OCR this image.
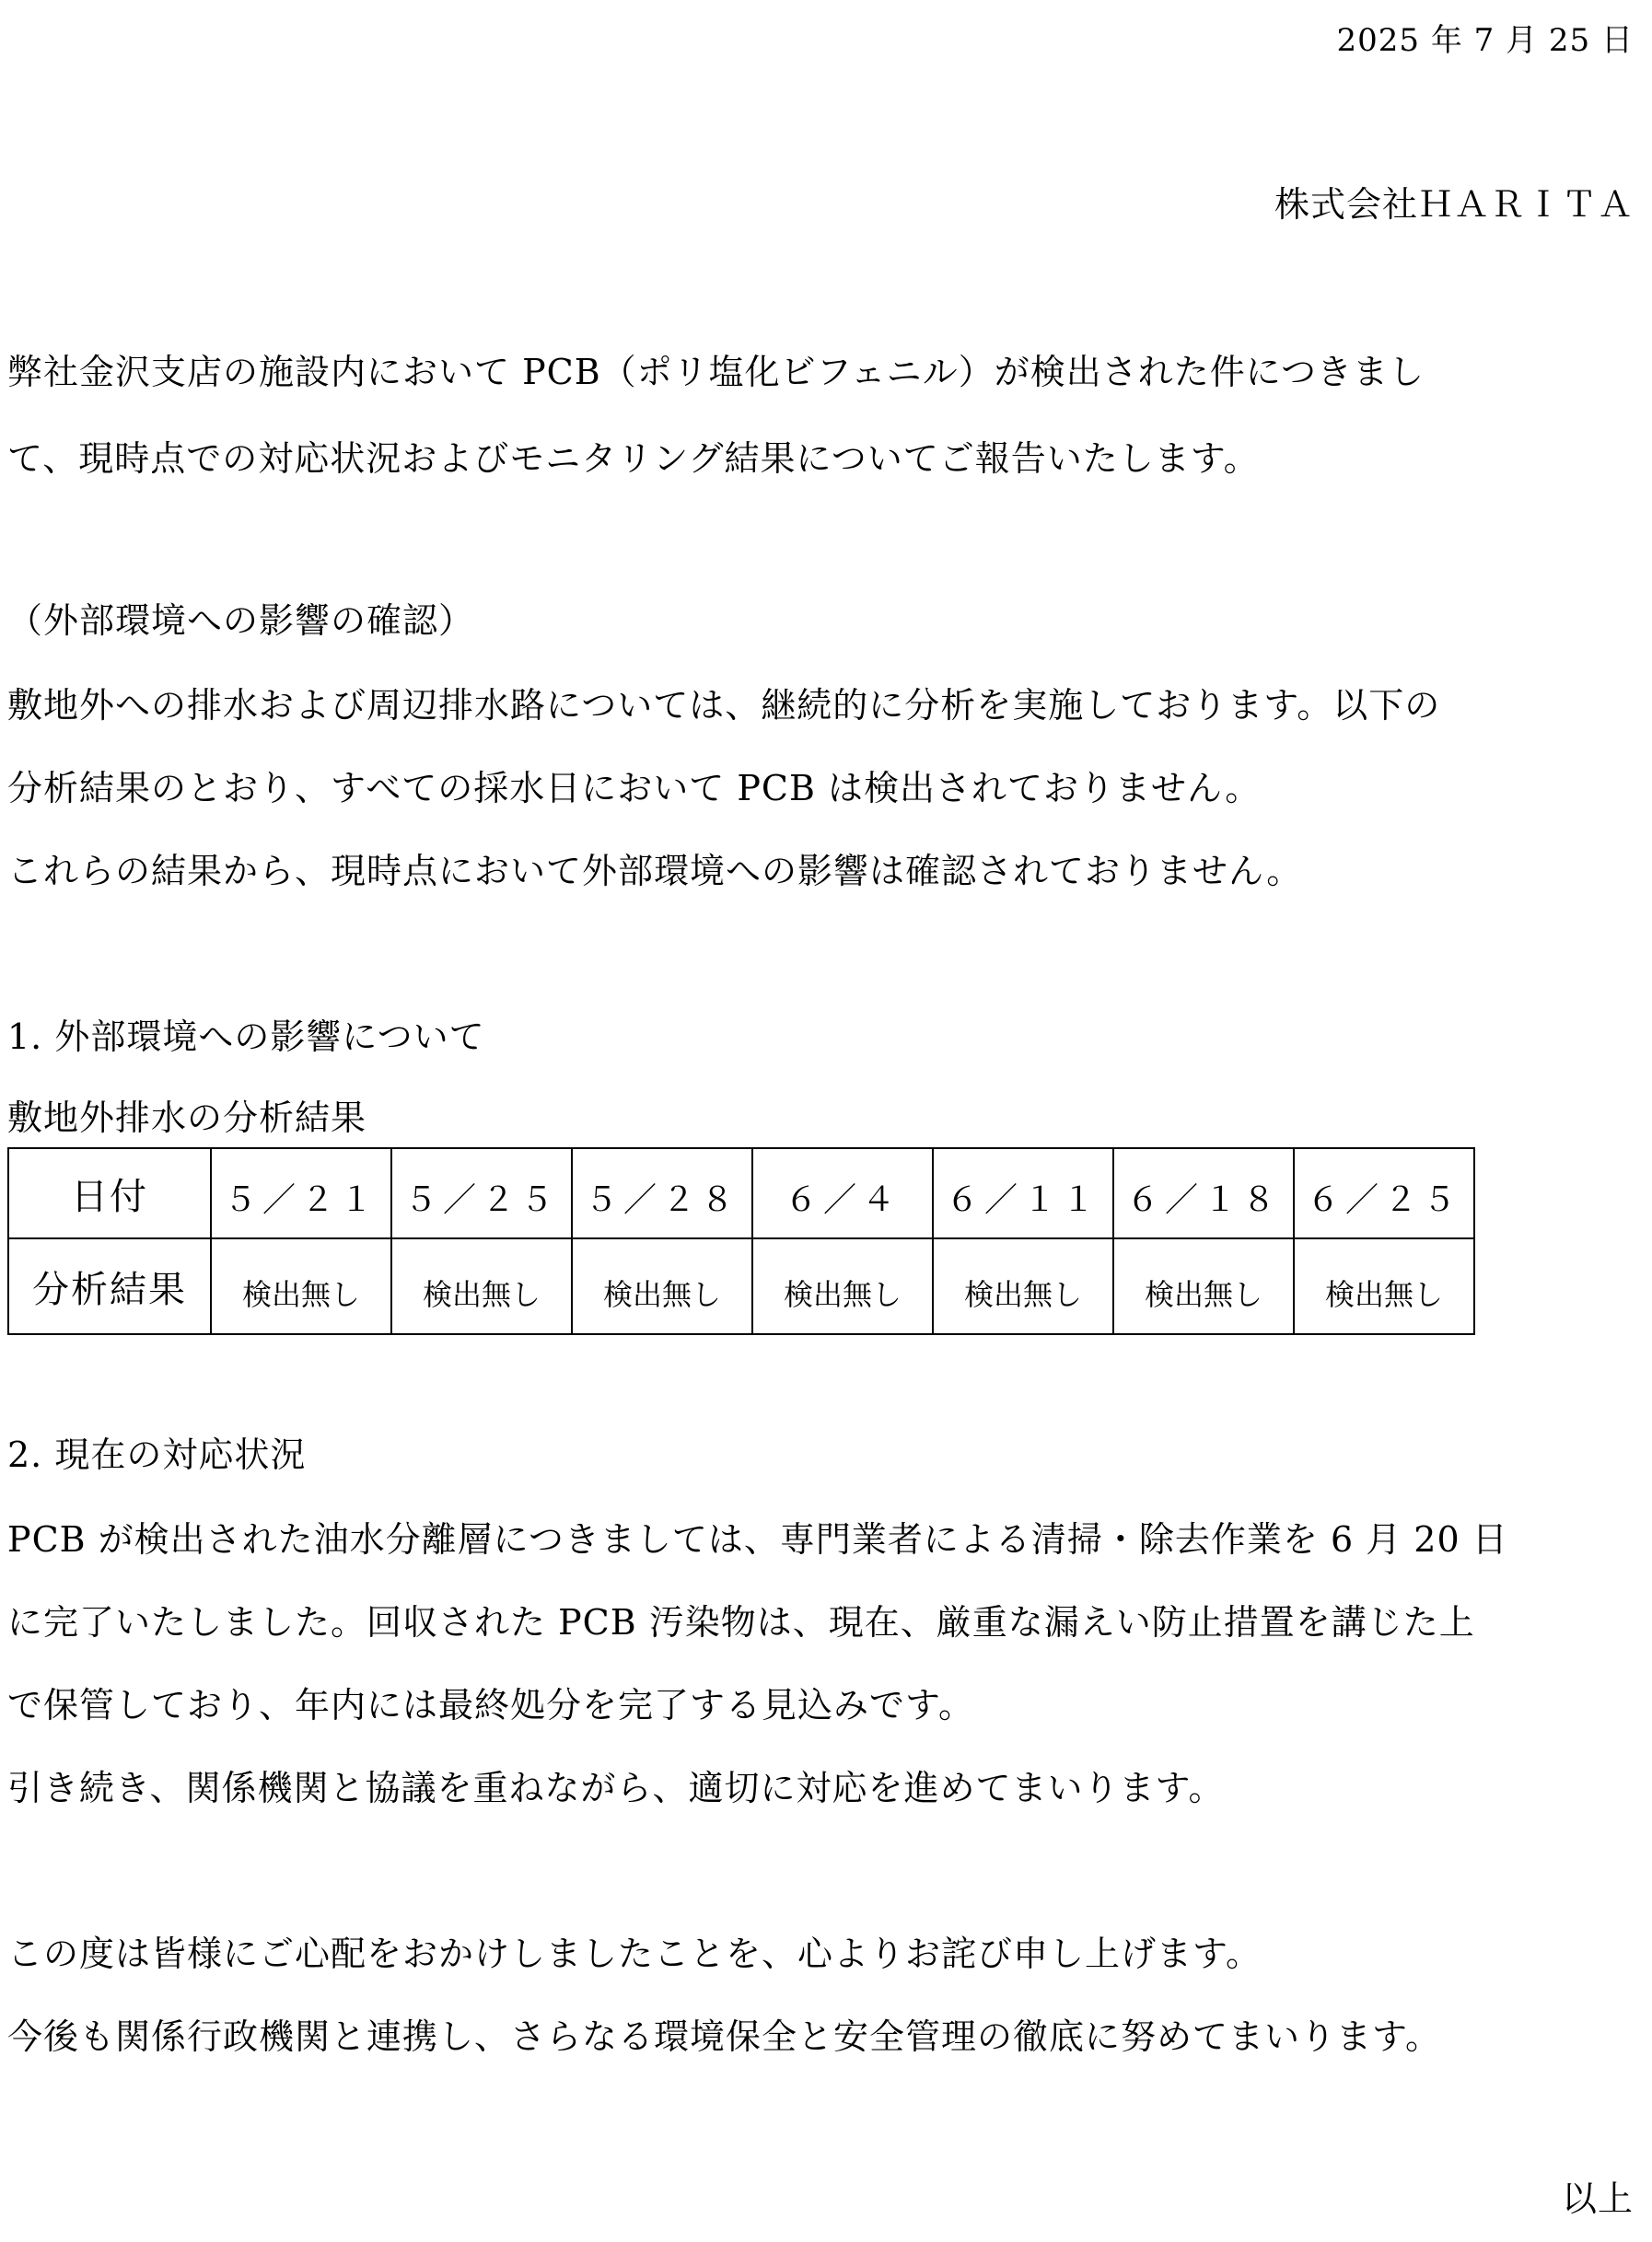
2025 年 7 月 25 日
株式会社ＨＡＲＩＴＡ
弊社金沢支店の施設内において PCB（ポリ塩化ビフェニル）が検出された件につきまし
て、現時点での対応状況およびモニタリング結果についてご報告いたします。
（外部環境への影響の確認）
敷地外への排水および周辺排水路については、継続的に分析を実施しております。以下の
分析結果のとおり、すべての採水日において PCB は検出されておりません。
これらの結果から、現時点において外部環境への影響は確認されておりません。
1. 外部環境への影響について
敷地外排水の分析結果
日付	５／２１	５／２５	５／２８	６／４	６／１１	６／１８	６／２５
分析結果	検出無し	検出無し	検出無し	検出無し	検出無し	検出無し	検出無し
2. 現在の対応状況
PCB が検出された油水分離層につきましては、専門業者による清掃・除去作業を 6 月 20 日
に完了いたしました。回収された PCB 汚染物は、現在、厳重な漏えい防止措置を講じた上
で保管しており、年内には最終処分を完了する見込みです。
引き続き、関係機関と協議を重ねながら、適切に対応を進めてまいります。
この度は皆様にご心配をおかけしましたことを、心よりお詫び申し上げます。
今後も関係行政機関と連携し、さらなる環境保全と安全管理の徹底に努めてまいります。
以上
